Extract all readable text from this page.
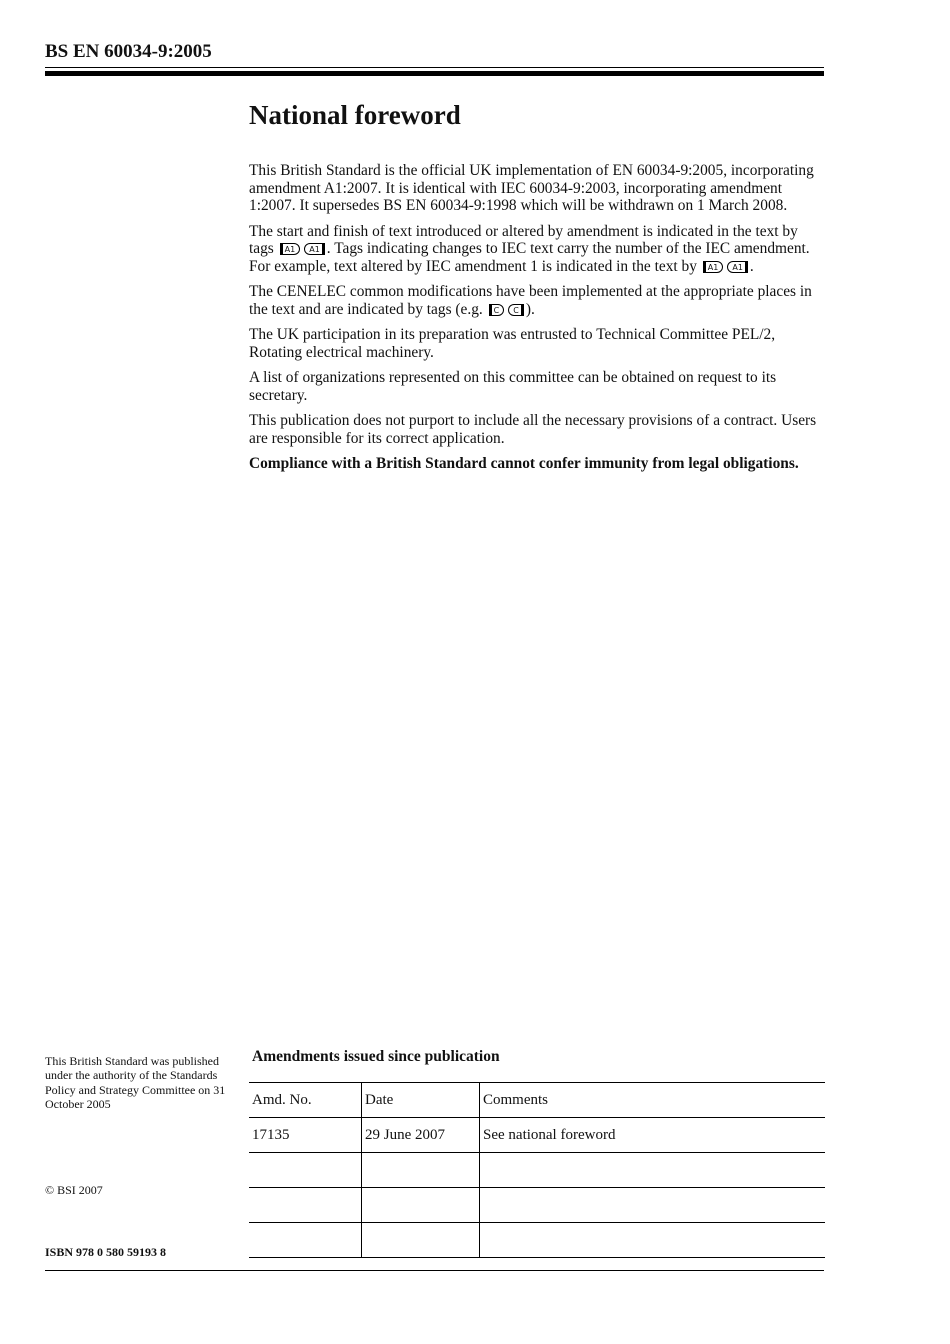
BS EN 60034-9:2005
National foreword

This British Standard is the official UK implementation of EN 60034-9:2005, incorporating amendment A1:2007. It is identical with IEC 60034-9:2003, incorporating amendment 1:2007. It supersedes BS EN 60034-9:1998 which will be withdrawn on 1 March 2008.

The start and finish of text introduced or altered by amendment is indicated in the text by tags A1 A1 . Tags indicating changes to IEC text carry the number of the IEC amendment. For example, text altered by IEC amendment 1 is indicated in the text by A1 A1 .

The CENELEC common modifications have been implemented at the appropriate places in the text and are indicated by tags (e.g. C C ).

The UK participation in its preparation was entrusted to Technical Committee PEL/2, Rotating electrical machinery.

A list of organizations represented on this committee can be obtained on request to its secretary.

This publication does not purport to include all the necessary provisions of a contract. Users are responsible for its correct application.

Compliance with a British Standard cannot confer immunity from legal obligations.

This British Standard was published under the authority of the Standards Policy and Strategy Committee on 31 October 2005
© BSI 2007
ISBN 978 0 580 59193 8
Amendments issued since publication
Amd. No.	Date	Comments
17135	29 June 2007	See national foreword
